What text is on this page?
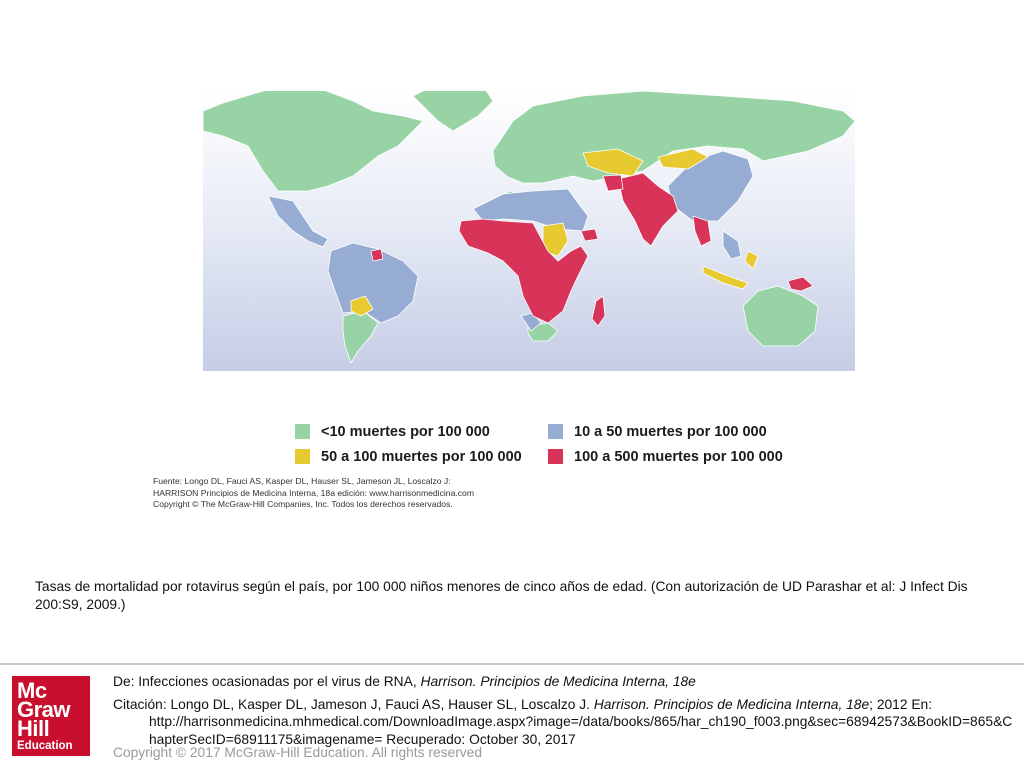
<10 muertes por 100 000	10 a 50 muertes por 100 000
50 a 100 muertes por 100 000	100 a 500 muertes por 100 000
Fuente: Longo DL, Fauci AS, Kasper DL, Hauser SL, Jameson JL, Loscalzo J:
HARRISON Principios de Medicina Interna, 18a edición: www.harrisonmedicina.com
Copyright © The McGraw-Hill Companies, Inc. Todos los derechos reservados.
Tasas de mortalidad por rotavirus según el país, por 100 000 niños menores de cinco años de edad. (Con autorización de UD Parashar et al: J Infect Dis 200:S9, 2009.)
Mc
Graw
Hill
Education
De: Infecciones ocasionadas por el virus de RNA, Harrison. Principios de Medicina Interna, 18e
Citación: Longo DL, Kasper DL, Jameson J, Fauci AS, Hauser SL, Loscalzo J. Harrison. Principios de Medicina Interna, 18e; 2012 En:
http://harrisonmedicina.mhmedical.com/DownloadImage.aspx?image=/data/books/865/har_ch190_f003.png&sec=68942573&BookID=865&ChapterSecID=68911175&imagename= Recuperado: October 30, 2017
Copyright © 2017 McGraw-Hill Education. All rights reserved
